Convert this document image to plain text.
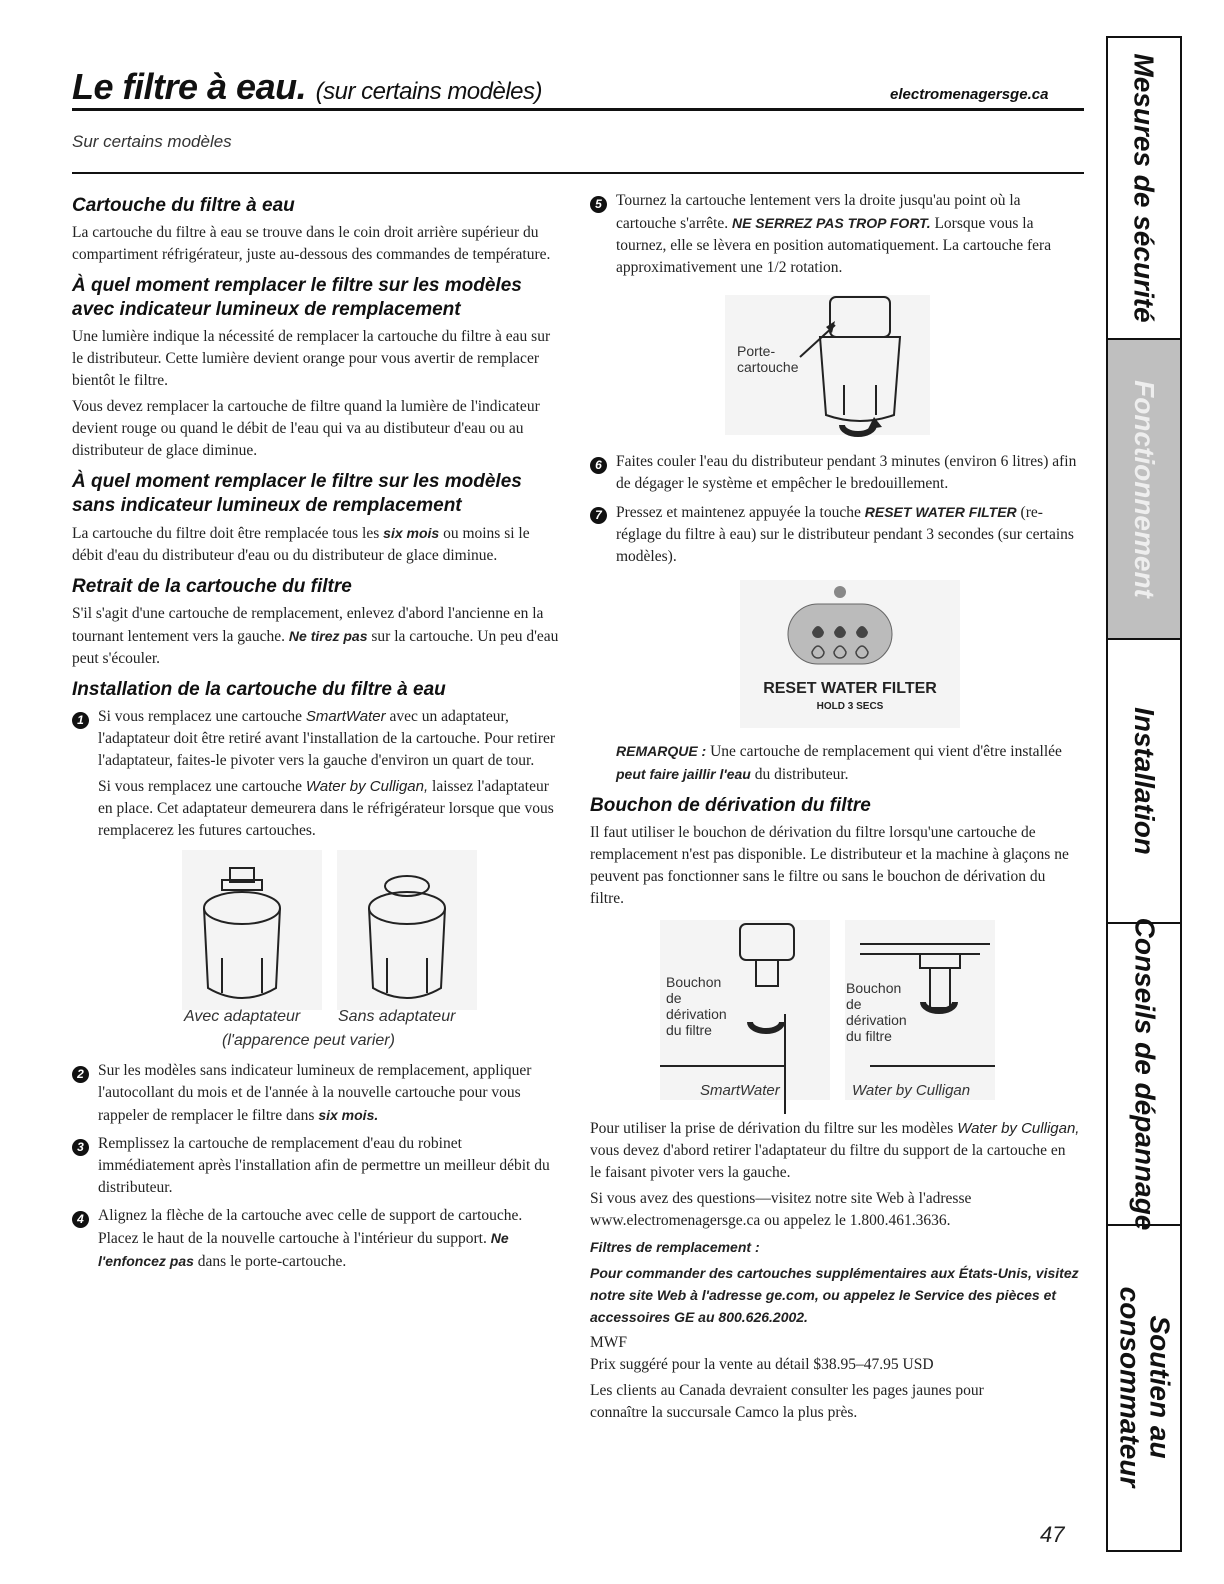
Le filtre à eau. (sur certains modèles)	electromenagersge.ca
Sur certains modèles
Cartouche du filtre à eau

La cartouche du filtre à eau se trouve dans le coin droit arrière supérieur du compartiment réfrigérateur, juste au-dessous des commandes de température.

À quel moment remplacer le filtre sur les modèles avec indicateur lumineux de remplacement

Une lumière indique la nécessité de remplacer la cartouche du filtre à eau sur le distributeur. Cette lumière devient orange pour vous avertir de remplacer bientôt le filtre.

Vous devez remplacer la cartouche de filtre quand la lumière de l'indicateur devient rouge ou quand le débit de l'eau qui va au distibuteur d'eau ou au distributeur de glace diminue.

À quel moment remplacer le filtre sur les modèles sans indicateur lumineux de remplacement

La cartouche du filtre doit être remplacée tous les six mois ou moins si le débit d'eau du distributeur d'eau ou du distributeur de glace diminue.

Retrait de la cartouche du filtre

S'il s'agit d'une cartouche de remplacement, enlevez d'abord l'ancienne en la tournant lentement vers la gauche. Ne tirez pas sur la cartouche. Un peu d'eau peut s'écouler.

Installation de la cartouche du filtre à eau
1 Si vous remplacez une cartouche SmartWater avec un adaptateur, l'adaptateur doit être retiré avant l'installation de la cartouche. Pour retirer l'adaptateur, faites-le pivoter vers la gauche d'environ un quart de tour.

Si vous remplacez une cartouche Water by Culligan, laissez l'adaptateur en place. Cet adaptateur demeurera dans le réfrigérateur lorsque que vous remplacerez les futures cartouches.

Avec adaptateur Sans adaptateur
(l'apparence peut varier)
2 Sur les modèles sans indicateur lumineux de remplacement, appliquer l'autocollant du mois et de l'année à la nouvelle cartouche pour vous rappeler de remplacer le filtre dans six mois.

3 Remplissez la cartouche de remplacement d'eau du robinet immédiatement après l'installation afin de permettre un meilleur débit du distributeur.

4 Alignez la flèche de la cartouche avec celle de support de cartouche. Placez le haut de la nouvelle cartouche à l'intérieur du support. Ne l'enfoncez pas dans le porte-cartouche.

5 Tournez la cartouche lentement vers la droite jusqu'au point où la cartouche s'arrête. NE SERREZ PAS TROP FORT. Lorsque vous la tournez, elle se lèvera en position automatiquement. La cartouche fera approximativement une 1/2 rotation.

Porte-
cartouche
6 Faites couler l'eau du distributeur pendant 3 minutes (environ 6 litres) afin de dégager le système et empêcher le bredouillement.

7 Pressez et maintenez appuyée la touche RESET WATER FILTER (re-réglage du filtre à eau) sur le distributeur pendant 3 secondes (sur certains modèles).

RESET WATER FILTER
HOLD 3 SECS

REMARQUE : Une cartouche de remplacement qui vient d'être installée peut faire jaillir l'eau du distributeur.

Bouchon de dérivation du filtre

Il faut utiliser le bouchon de dérivation du filtre lorsqu'une cartouche de remplacement n'est pas disponible. Le distributeur et la machine à glaçons ne peuvent pas fonctionner sans le filtre ou sans le bouchon de dérivation du filtre.

Bouchon
de
dérivation
du filtre
Bouchon
de
dérivation
du filtre
SmartWater	Water by Culligan

Pour utiliser la prise de dérivation du filtre sur les modèles Water by Culligan, vous devez d'abord retirer l'adaptateur du filtre du support de la cartouche en le faisant pivoter vers la gauche.

Si vous avez des questions—visitez notre site Web à l'adresse www.electromenagersge.ca ou appelez le 1.800.461.3636.

Filtres de remplacement :

Pour commander des cartouches supplémentaires aux États-Unis, visitez notre site Web à l'adresse ge.com, ou appelez le Service des pièces et accessoires GE au 800.626.2002.

MWF

Prix suggéré pour la vente au détail $38.95–47.95 USD

Les clients au Canada devraient consulter les pages jaunes pour connaître la succursale Camco la plus près.

47
Mesures de sécurité
Fonctionnement
Installation
Conseils de dépannage
Soutien au consommateur
